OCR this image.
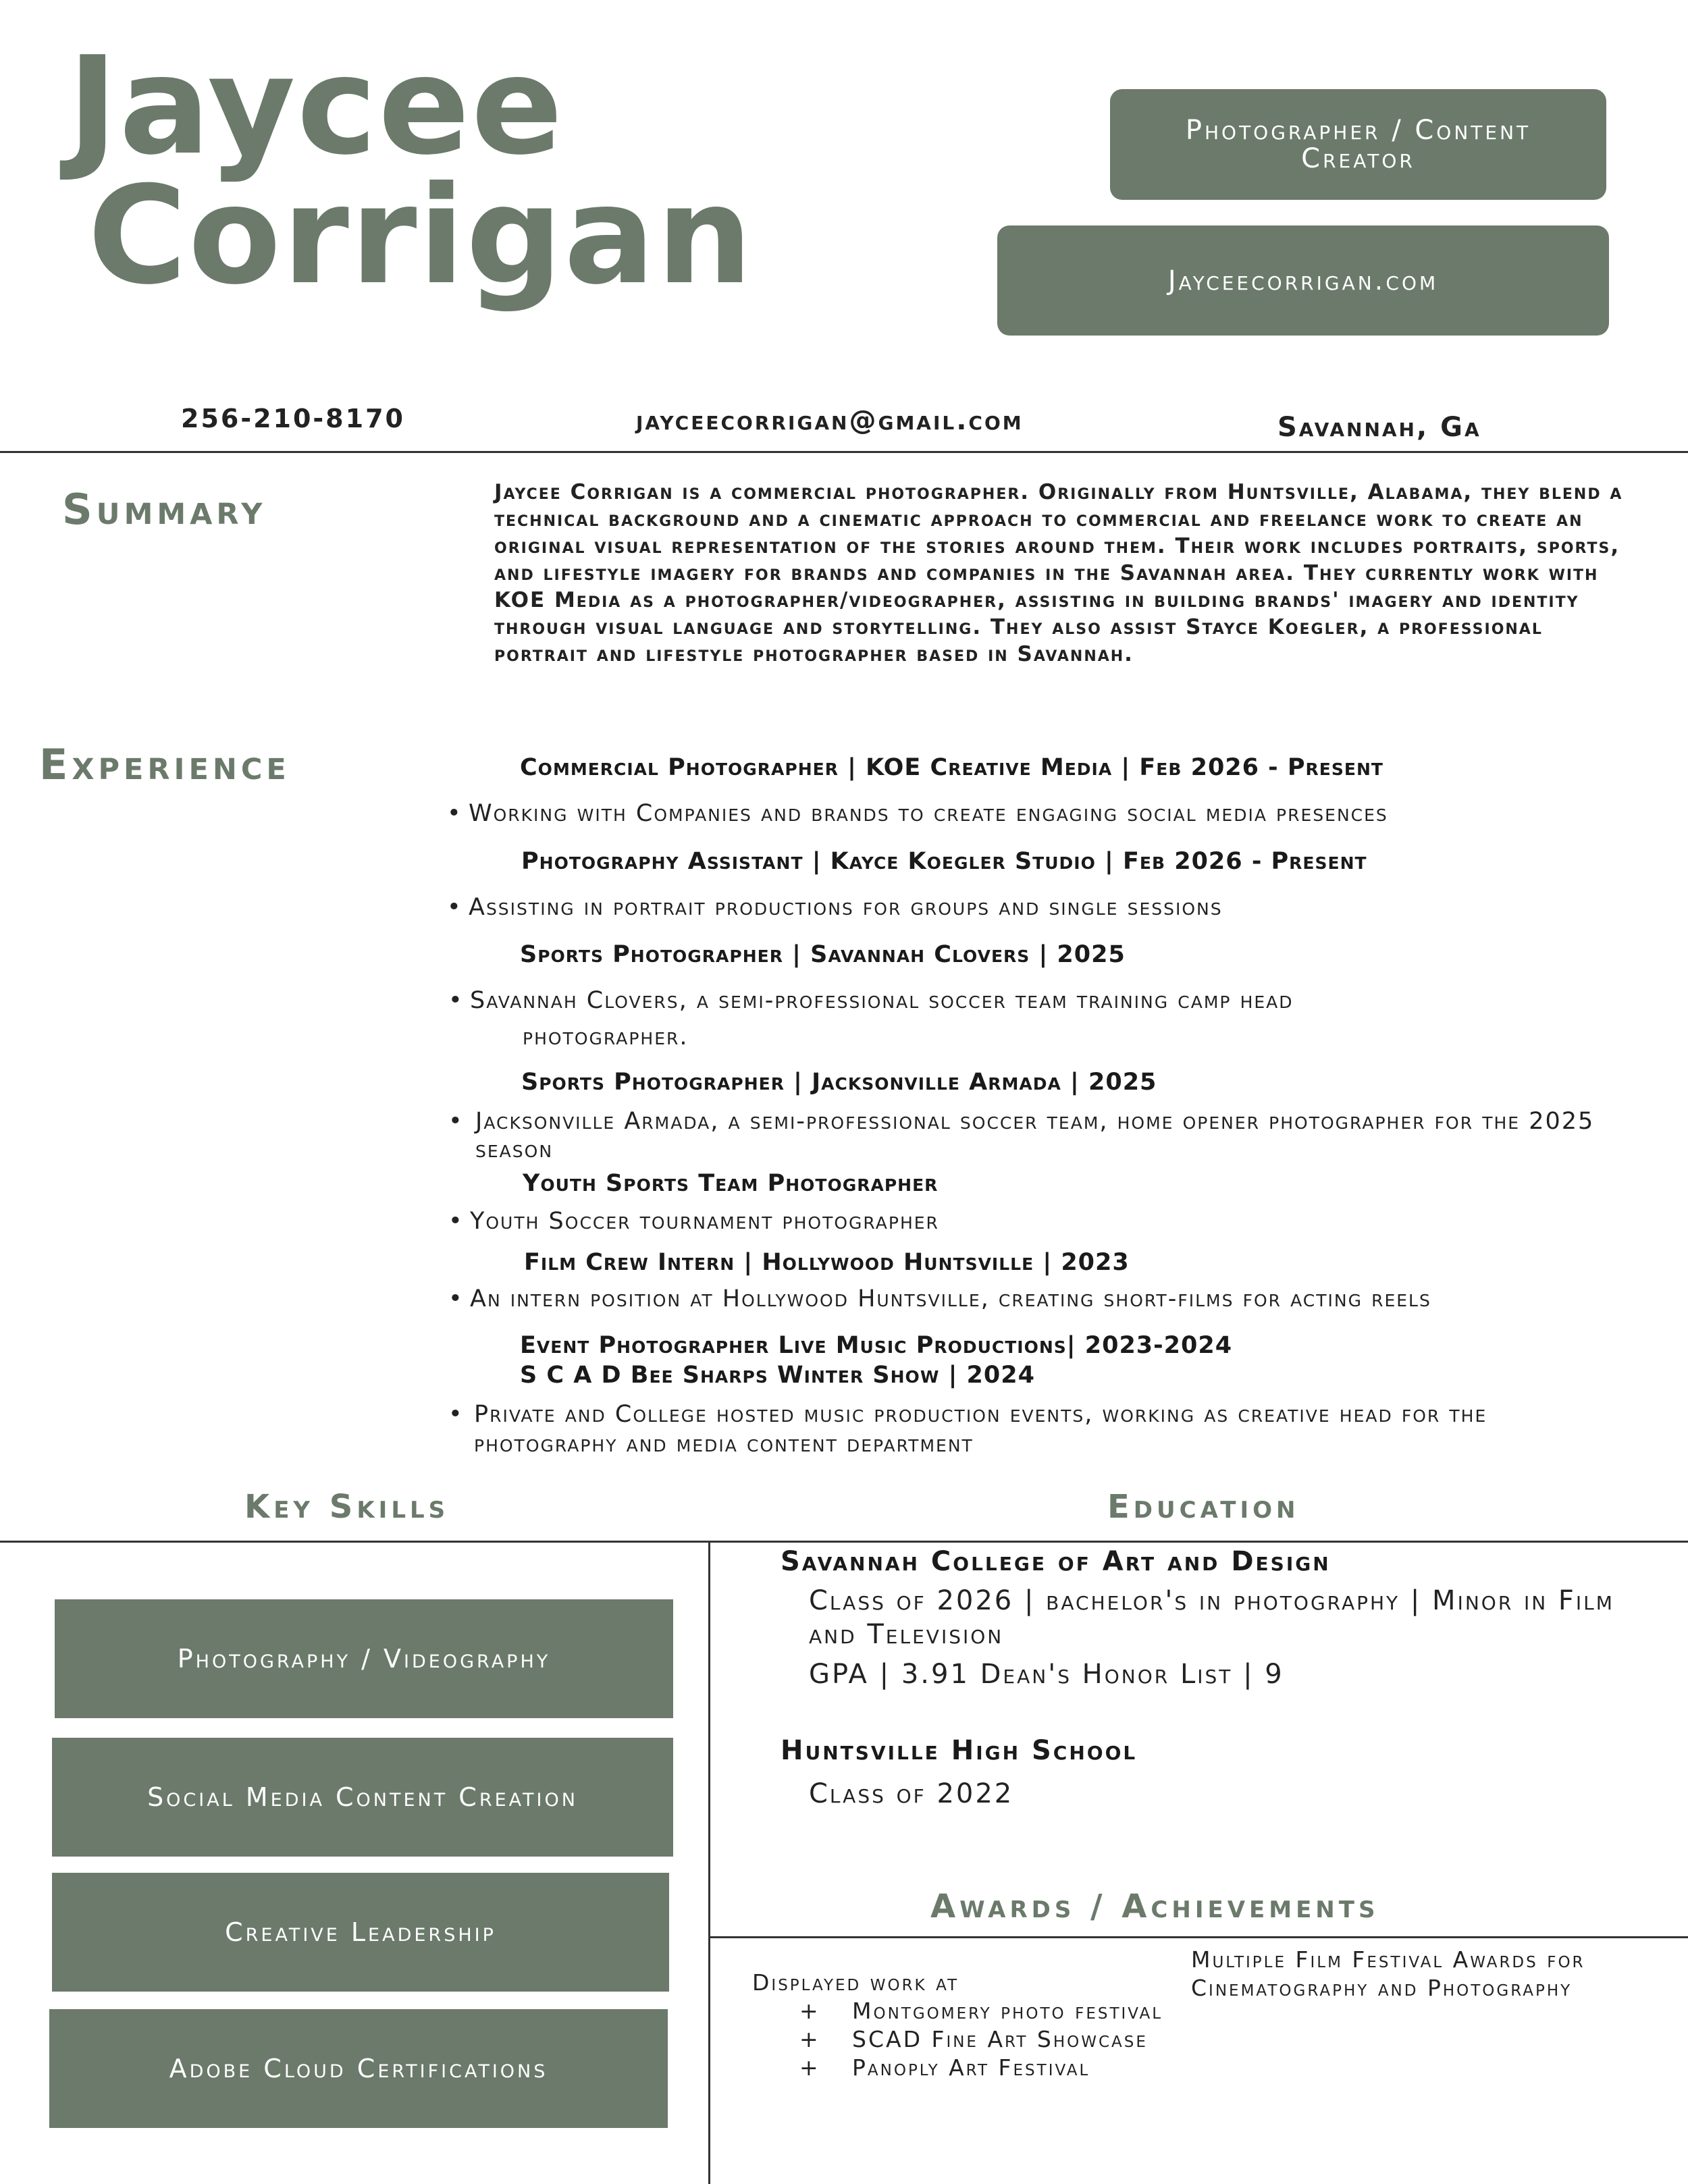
Jaycee
Corrigan
Photographer / Content Creator
Jayceecorrigan.com
256-210-8170	jayceecorrigan@gmail.com	Savannah, Ga
Summary	Jaycee Corrigan is a commercial photographer. Originally from Huntsville, Alabama, they blend a technical background and a cinematic approach to commercial and freelance work to create an original visual representation of the stories around them. Their work includes portraits, sports, and lifestyle imagery for brands and companies in the Savannah area. They currently work with KOE Media as a photographer/videographer, assisting in building brands' imagery and identity through visual language and storytelling. They also assist Stayce Koegler, a professional portrait and lifestyle photographer based in Savannah.
Experience	Commercial Photographer | KOE Creative Media | Feb 2026 - Present
• Working with Companies and brands to create engaging social media presences
Photography Assistant | Kayce Koegler Studio | Feb 2026 - Present
• Assisting in portrait productions for groups and single sessions
Sports Photographer | Savannah Clovers | 2025
• Savannah Clovers, a semi-professional soccer team training camp head
photographer.
Sports Photographer | Jacksonville Armada | 2025
• Jacksonville Armada, a semi-professional soccer team, home opener photographer for the 2025 season
Youth Sports Team Photographer
• Youth Soccer tournament photographer
Film Crew Intern | Hollywood Huntsville | 2023
• An intern position at Hollywood Huntsville, creating short-films for acting reels
Event Photographer Live Music Productions| 2023-2024
S C A D Bee Sharps Winter Show | 2024
• Private and College hosted music production events, working as creative head for the photography and media content department
Key Skills	Education
Photography / Videography
Social Media Content Creation
Creative Leadership
Adobe Cloud Certifications
Savannah College of Art and Design
Class of 2026 | bachelor's in photography | Minor in Film and Television
GPA | 3.91 Dean's Honor List | 9
Huntsville High School
Class of 2022
Awards / Achievements
Displayed work at
+ Montgomery photo festival
+ SCAD Fine Art Showcase
+ Panoply Art Festival
Multiple Film Festival Awards for Cinematography and Photography
